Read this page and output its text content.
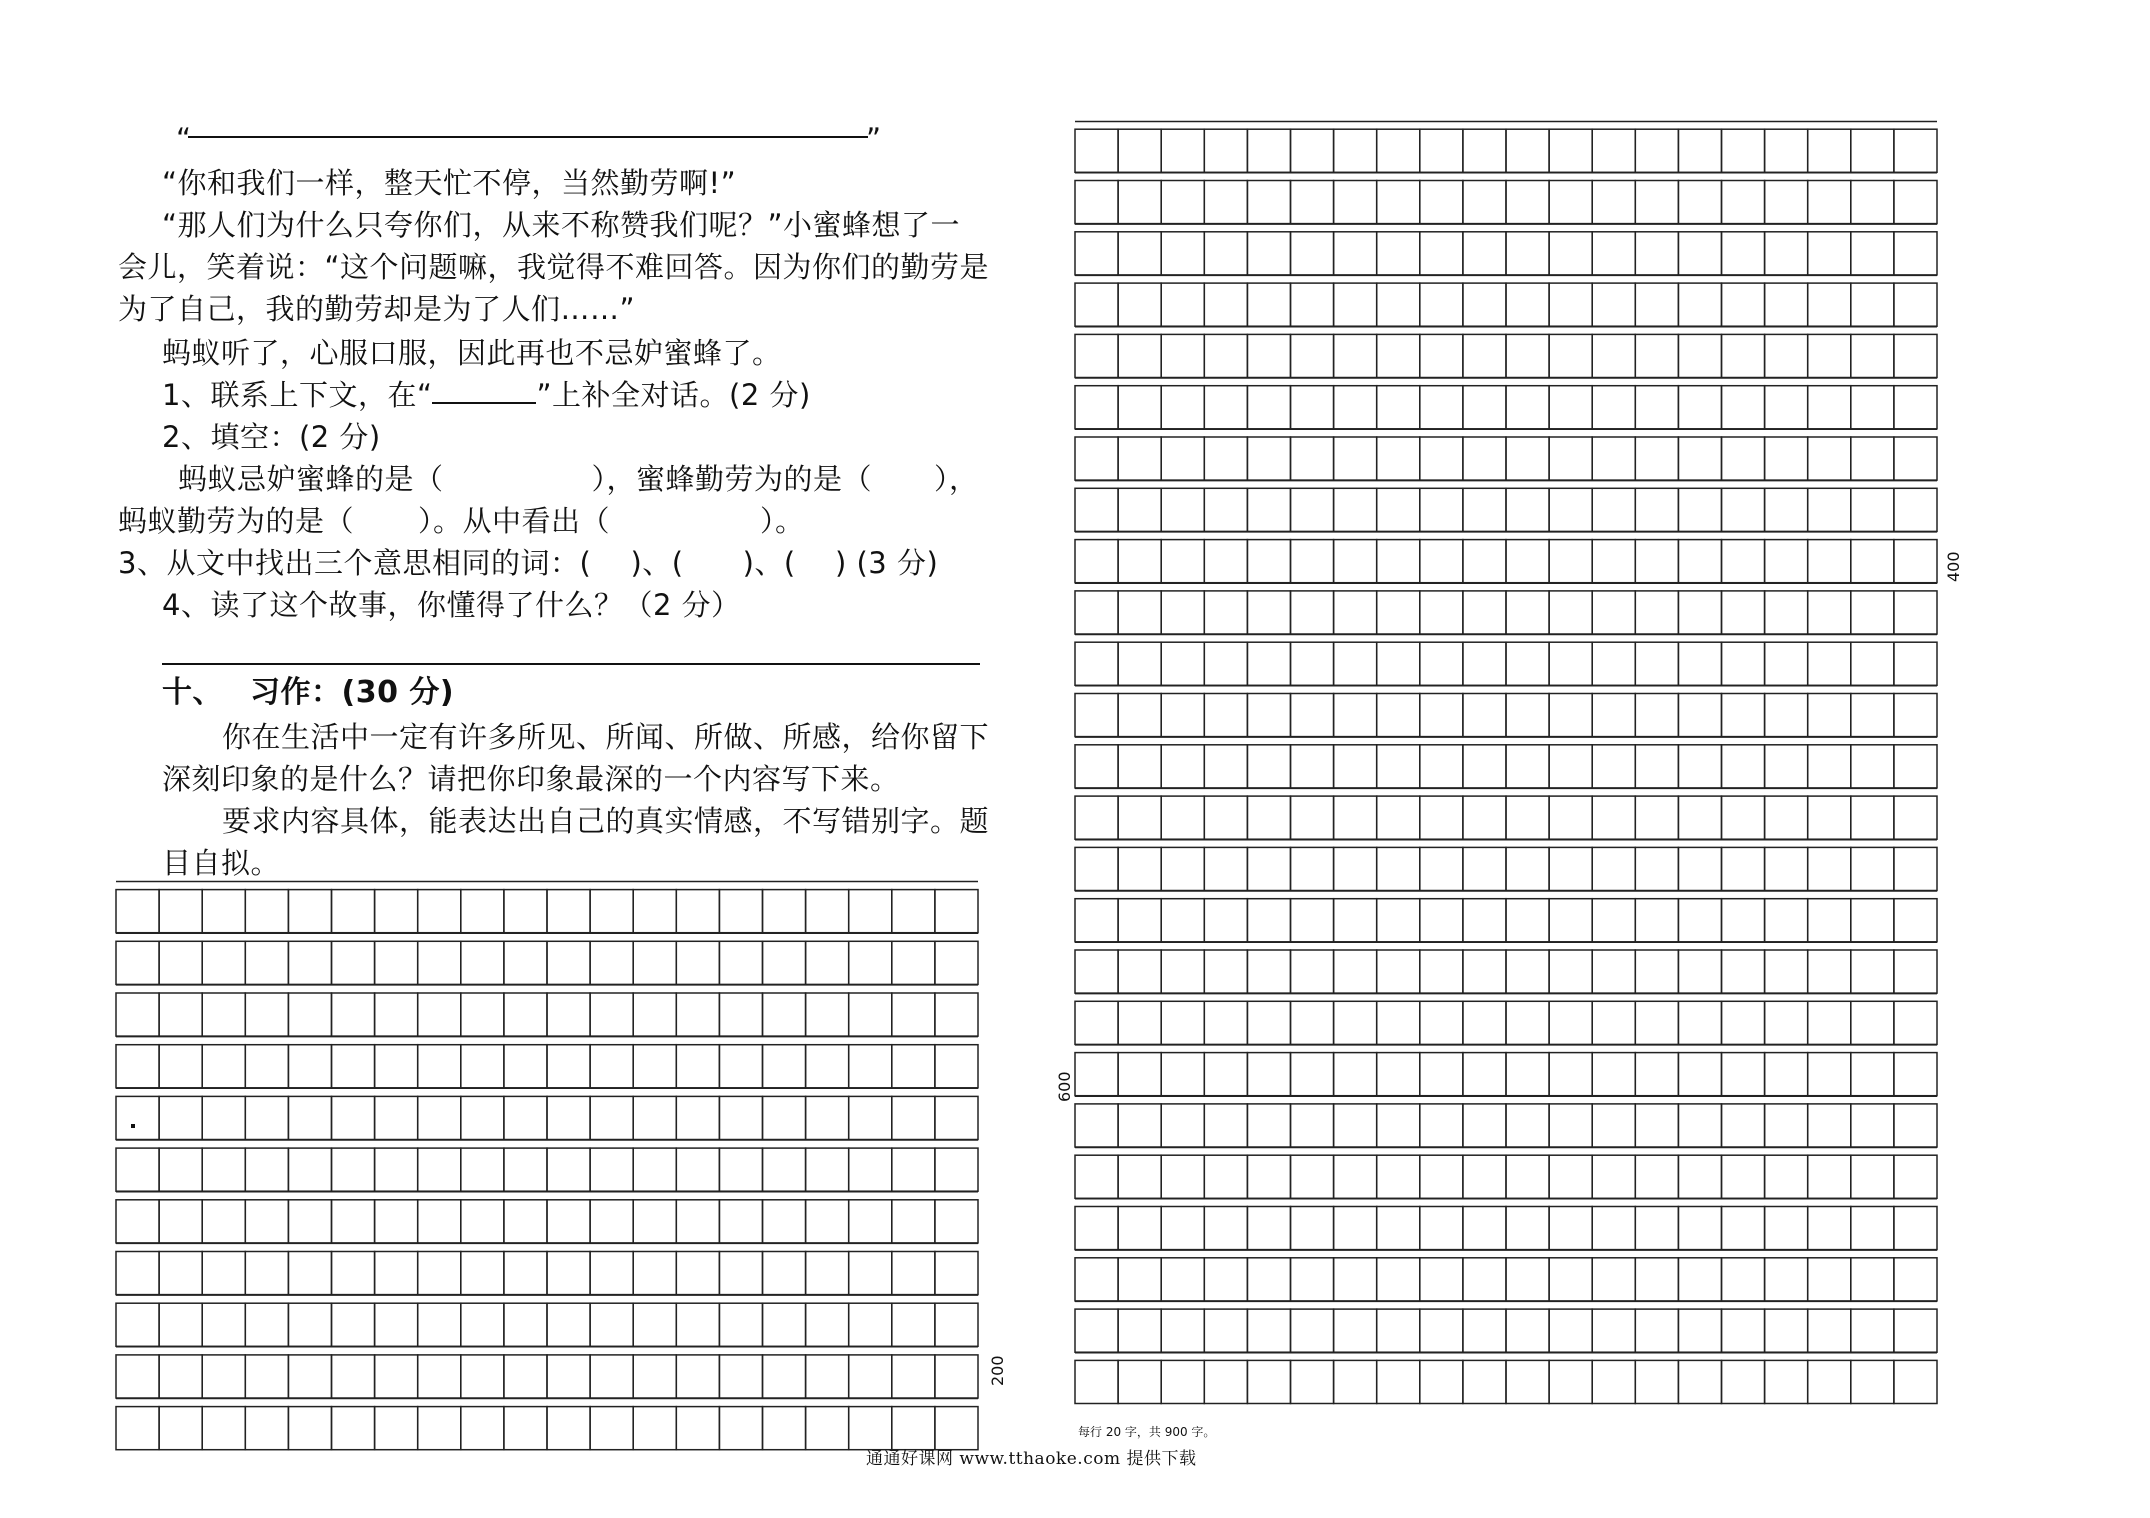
“	”
“你和我们一样，整天忙不停，当然勤劳啊!”
“那人们为什么只夸你们，从来不称赞我们呢？”小蜜蜂想了一
会儿，笑着说：“这个问题嘛，我觉得不难回答。因为你们的勤劳是
为了自己，我的勤劳却是为了人们……”
蚂蚁听了，心服口服，因此再也不忌妒蜜蜂了。
1、联系上下文，在“	”上补全对话。(2 分)
2、填空：(2 分)
蚂蚁忌妒蜜蜂的是（	），蜜蜂勤劳为的是（ ），
蚂蚁勤劳为的是（ ）。从中看出（	）。
3、从文中找出三个意思相同的词：(　 )、(　　)、(　 ) (3 分)
4、读了这个故事，你懂得了什么？（2 分）
十、 习作：(30 分)
你在生活中一定有许多所见、所闻、所做、所感，给你留下
深刻印象的是什么？请把你印象最深的一个内容写下来。
要求内容具体，能表达出自己的真实情感，不写错别字。题
目自拟。
200
400
600
每行 20 字，共 900 字。
通通好课网 www.tthaoke.com 提供下载
